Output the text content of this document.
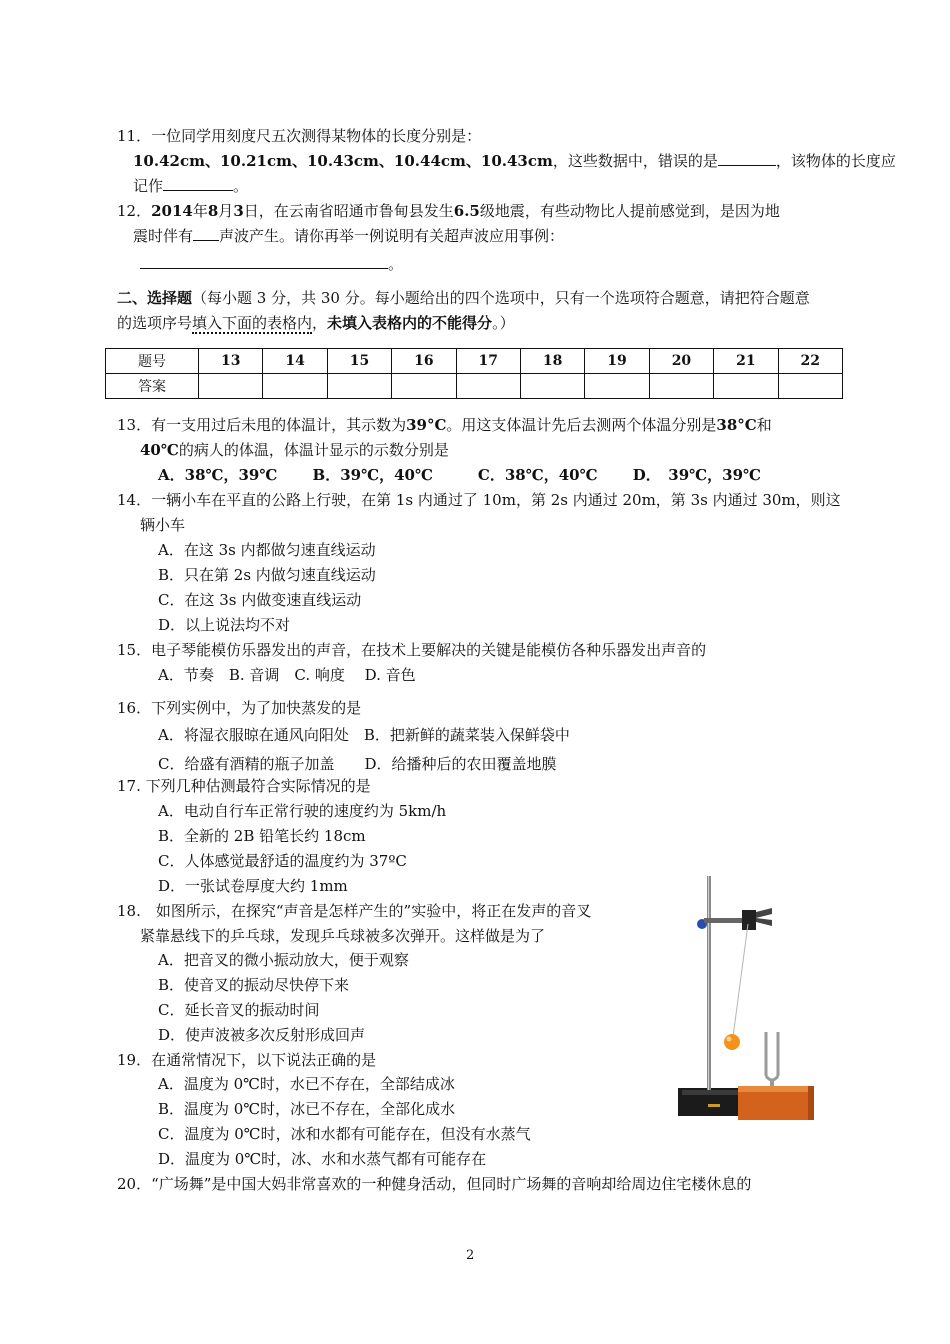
11．一位同学用刻度尺五次测得某物体的长度分别是：
10.42cm、10.21cm、10.43cm、10.44cm、10.43cm，这些数据中，错误的是	，该物体的长度应
记作	。
12．2014年8月3日，在云南省昭通市鲁甸县发生6.5级地震，有些动物比人提前感觉到，是因为地
震时伴有 声波产生。请你再举一例说明有关超声波应用事例：
。
二、选择题（每小题 3 分，共 30 分。每小题给出的四个选项中，只有一个选项符合题意，请把符合题意
的选项序号填入下面的表格内，未填入表格内的不能得分。）
题号	13	14	15	16	17	18	19	20	21	22
答案										
13．有一支用过后未甩的体温计，其示数为39°C。用这支体温计先后去测两个体温分别是38°C和
40℃的病人的体温，体温计显示的示数分别是
A．38℃，39℃　　 B．39℃，40℃　　　C．38℃，40℃　　 D．　39℃，39℃
14．一辆小车在平直的公路上行驶，在第 1s 内通过了 10m，第 2s 内通过 20m，第 3s 内通过 30m，则这
辆小车
A．在这 3s 内都做匀速直线运动
B．只在第 2s 内做匀速直线运动
C．在这 3s 内做变速直线运动
D．以上说法均不对
15．电子琴能模仿乐器发出的声音，在技术上要解决的关键是能模仿各种乐器发出声音的
A．节奏　B. 音调　C. 响度　 D. 音色
16．下列实例中，为了加快蒸发的是
A．将湿衣服晾在通风向阳处　B．把新鲜的蔬菜装入保鲜袋中
C．给盛有酒精的瓶子加盖　　D．给播种后的农田覆盖地膜
17. 下列几种估测最符合实际情况的是
A．电动自行车正常行驶的速度约为 5km/h
B．全新的 2B 铅笔长约 18cm
C．人体感觉最舒适的温度约为 37ºC
D．一张试卷厚度大约 1mm
18.　如图所示，在探究“声音是怎样产生的”实验中，将正在发声的音叉
紧靠悬线下的乒乓球，发现乒乓球被多次弹开。这样做是为了
A．把音叉的微小振动放大，便于观察
B．使音叉的振动尽快停下来
C．延长音叉的振动时间
D．使声波被多次反射形成回声
19．在通常情况下，以下说法正确的是
A．温度为 0℃时，水已不存在，全部结成冰
B．温度为 0℃时，冰已不存在，全部化成水
C．温度为 0℃时，冰和水都有可能存在，但没有水蒸气
D．温度为 0℃时，冰、水和水蒸气都有可能存在
20．“广场舞”是中国大妈非常喜欢的一种健身活动，但同时广场舞的音响却给周边住宅楼休息的
2
